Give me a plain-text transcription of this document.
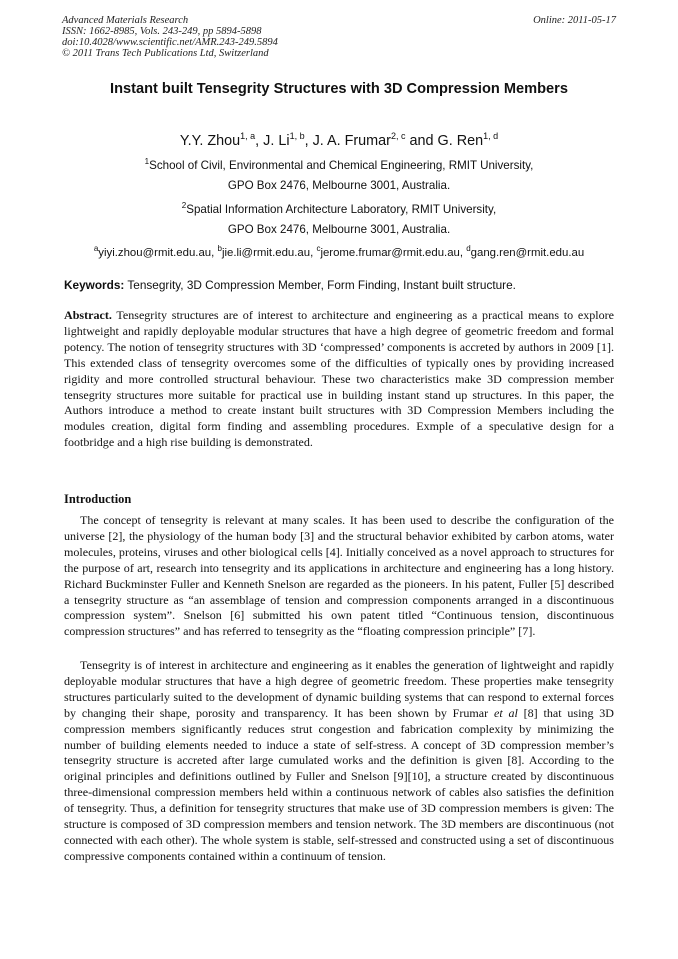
Advanced Materials Research
ISSN: 1662-8985, Vols. 243-249, pp 5894-5898
doi:10.4028/www.scientific.net/AMR.243-249.5894
© 2011 Trans Tech Publications Ltd, Switzerland
Online: 2011-05-17
Instant built Tensegrity Structures with 3D Compression Members
Y.Y. Zhou$^{1, a}$, J. Li$^{1, b}$, J. A. Frumar$^{2, c}$ and G. Ren$^{1, d}$
$^1$School of Civil, Environmental and Chemical Engineering, RMIT University,
GPO Box 2476, Melbourne 3001, Australia.
$^2$Spatial Information Architecture Laboratory, RMIT University,
GPO Box 2476, Melbourne 3001, Australia.
$^a$yiyi.zhou@rmit.edu.au, $^b$jie.li@rmit.edu.au, $^c$jerome.frumar@rmit.edu.au, $^d$gang.ren@rmit.edu.au
Keywords: Tensegrity, 3D Compression Member, Form Finding, Instant built structure.

Abstract. Tensegrity structures are of interest to architecture and engineering as a practical means to explore lightweight and rapidly deployable modular structures that have a high degree of geometric freedom and formal potency. The notion of tensegrity structures with 3D ‘compressed’ components is accreted by authors in 2009 [1]. This extended class of tensegrity overcomes some of the difficulties of typically ones by providing increased rigidity and more controlled structural behaviour. These two characteristics make 3D compression member tensegrity structures more suitable for practical use in building instant stand up structures. In this paper, the Authors introduce a method to create instant built structures with 3D Compression Members including the modules creation, digital form finding and assembling procedures. Exmple of a speculative design for a footbridge and a high rise building is demonstrated.

Introduction

The concept of tensegrity is relevant at many scales. It has been used to describe the configuration of the universe [2], the physiology of the human body [3] and the structural behavior exhibited by carbon atoms, water molecules, proteins, viruses and other biological cells [4]. Initially conceived as a novel approach to structures for the purpose of art, research into tensegrity and its applications in architecture and engineering has a long history. Richard Buckminster Fuller and Kenneth Snelson are regarded as the pioneers. In his patent, Fuller [5] described a tensegrity structure as “an assemblage of tension and compression components arranged in a discontinuous compression system”. Snelson [6] submitted his own patent titled “Continuous tension, discontinuous compression structures” and has referred to tensegrity as the “floating compression principle” [7].

Tensegrity is of interest in architecture and engineering as it enables the generation of lightweight and rapidly deployable modular structures that have a high degree of geometric freedom. These properties make tensegrity structures particularly suited to the development of dynamic building systems that can respond to external forces by changing their shape, porosity and transparency. It has been shown by Frumar et al [8] that using 3D compression members significantly reduces strut congestion and fabrication complexity by minimizing the number of building elements needed to induce a state of self-stress. A concept of 3D compression member’s tensegrity structure is accreted after large cumulated works and the definition is given [8]. According to the original principles and definitions outlined by Fuller and Snelson [9][10], a structure created by discontinuous three-dimensional compression members held within a continuous network of cables also satisfies the definition of tensegrity. Thus, a definition for tensegrity structures that make use of 3D compression members is given: The structure is composed of 3D compression members and tension network. The 3D members are discontinuous (not connected with each other). The whole system is stable, self-stressed and constructed using a set of discontinuous compressive components contained within a continuum of tension.
